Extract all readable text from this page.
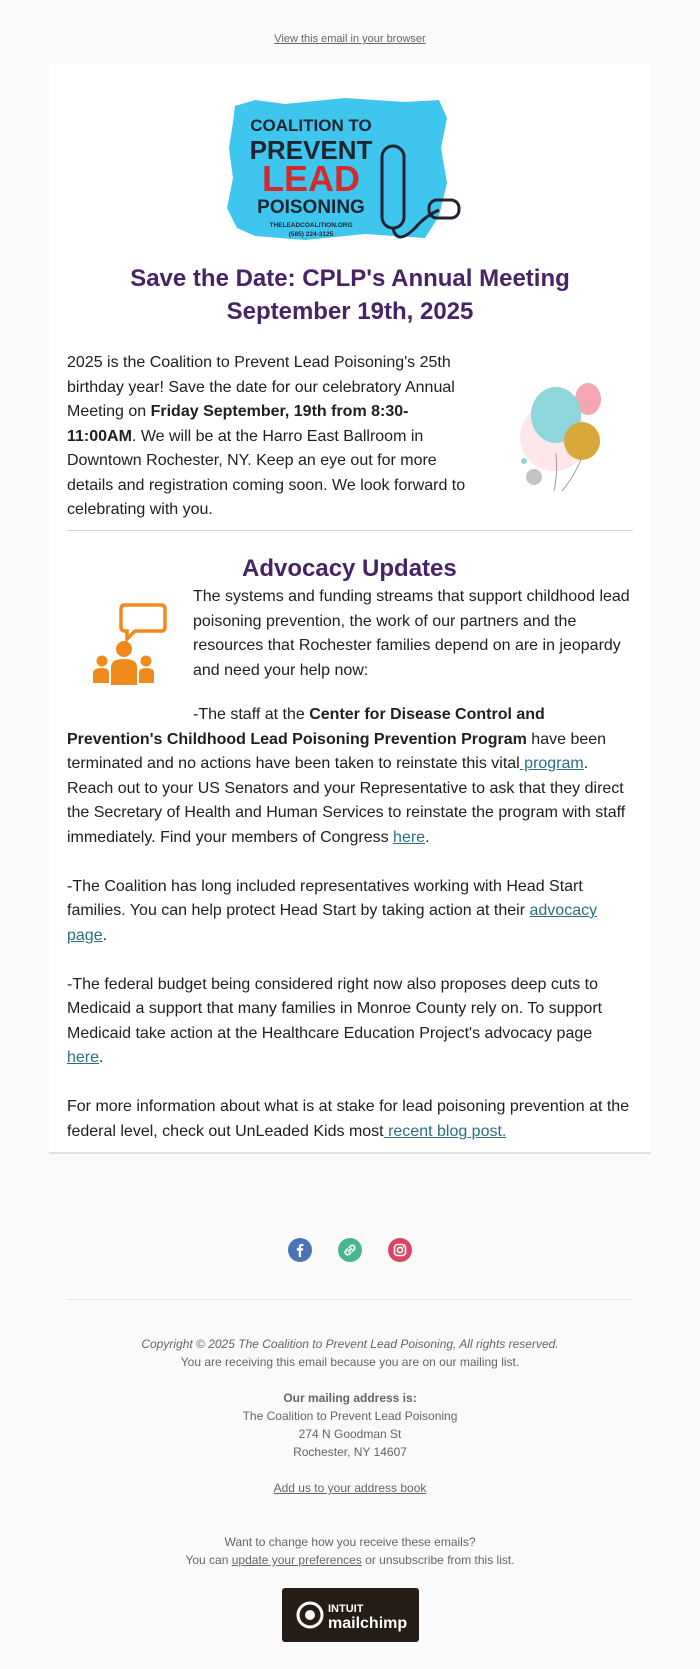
View this email in your browser
COALITION TO
PREVENT
LEAD
POISONING
THELEADCOALITION.ORG
(585) 224-3125
Save the Date: CPLP's Annual Meeting
September 19th, 2025
2025 is the Coalition to Prevent Lead Poisoning's 25th birthday year! Save the date for our celebratory Annual Meeting on Friday September, 19th from 8:30-11:00AM. We will be at the Harro East Ballroom in Downtown Rochester, NY. Keep an eye out for more details and registration coming soon. We look forward to celebrating with you.
Advocacy Updates
The systems and funding streams that support childhood lead poisoning prevention, the work of our partners and the resources that Rochester families depend on are in jeopardy and need your help now:

-The staff at the Center for Disease Control and Prevention's Childhood Lead Poisoning Prevention Program have been terminated and no actions have been taken to reinstate this vital program. Reach out to your US Senators and your Representative to ask that they direct the Secretary of Health and Human Services to reinstate the program with staff immediately. Find your members of Congress here.

-The Coalition has long included representatives working with Head Start families. You can help protect Head Start by taking action at their advocacy page.

-The federal budget being considered right now also proposes deep cuts to Medicaid a support that many families in Monroe County rely on. To support Medicaid take action at the Healthcare Education Project's advocacy page here.

For more information about what is at stake for lead poisoning prevention at the federal level, check out UnLeaded Kids most recent blog post.

Copyright © 2025 The Coalition to Prevent Lead Poisoning, All rights reserved.
You are receiving this email because you are on our mailing list.
Our mailing address is:
The Coalition to Prevent Lead Poisoning
274 N Goodman St
Rochester, NY 14607
Add us to your address book
Want to change how you receive these emails?
You can update your preferences or unsubscribe from this list.
INTUIT
mailchimp
